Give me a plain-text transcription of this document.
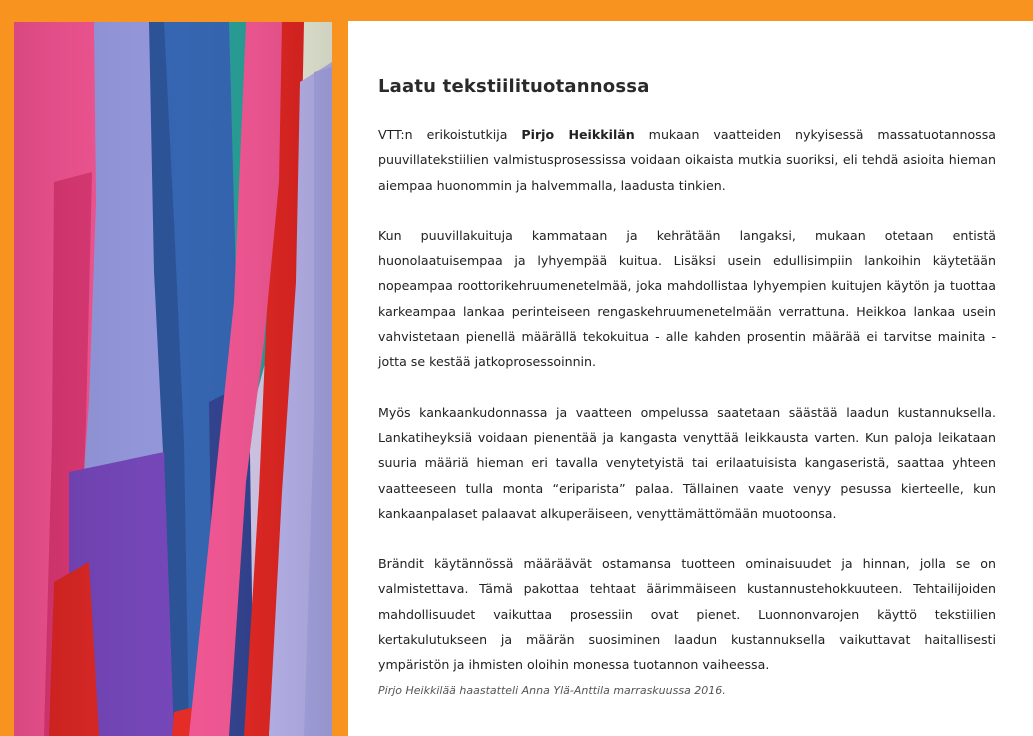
Laatu tekstiilituotannossa

VTT:n erikoistutkija Pirjo Heikkilän mukaan vaatteiden nykyisessä massatuotannossa puuvillatekstiilien valmistusprosessissa voidaan oikaista mutkia suoriksi, eli tehdä asioita hieman aiempaa huonommin ja halvemmalla, laadusta tinkien.

Kun puuvillakuituja kammataan ja kehrätään langaksi, mukaan otetaan entistä huonolaatuisempaa ja lyhyempää kuitua. Lisäksi usein edullisimpiin lankoihin käytetään nopeampaa roottorikehruumenetelmää, joka mahdollistaa lyhyempien kuitujen käytön ja tuottaa karkeampaa lankaa perinteiseen rengaskehruumenetelmään verrattuna. Heikkoa lankaa usein vahvistetaan pienellä määrällä tekokuitua - alle kahden prosentin määrää ei tarvitse mainita - jotta se kestää jatkoprosessoinnin.

Myös kankaankudonnassa ja vaatteen ompelussa saatetaan säästää laadun kustannuksella. Lankatiheyksiä voidaan pienentää ja kangasta venyttää leikkausta varten. Kun paloja leikataan suuria määriä hieman eri tavalla venytetyistä tai erilaatuisista kangaseristä, saattaa yhteen vaatteeseen tulla monta “eriparista” palaa. Tällainen vaate venyy pesussa kierteelle, kun kankaanpalaset palaavat alkuperäiseen, venyttämättömään muotoonsa.

Brändit käytännössä määräävät ostamansa tuotteen ominaisuudet ja hinnan, jolla se on valmistettava. Tämä pakottaa tehtaat äärimmäiseen kustannustehokkuuteen. Tehtailijoiden mahdollisuudet vaikuttaa prosessiin ovat pienet. Luonnonvarojen käyttö tekstiilien kertakulutukseen ja määrän suosiminen laadun kustannuksella vaikuttavat haitallisesti ympäristön ja ihmisten oloihin monessa tuotannon vaiheessa.

Pirjo Heikkilää haastatteli Anna Ylä-Anttila marraskuussa 2016.
